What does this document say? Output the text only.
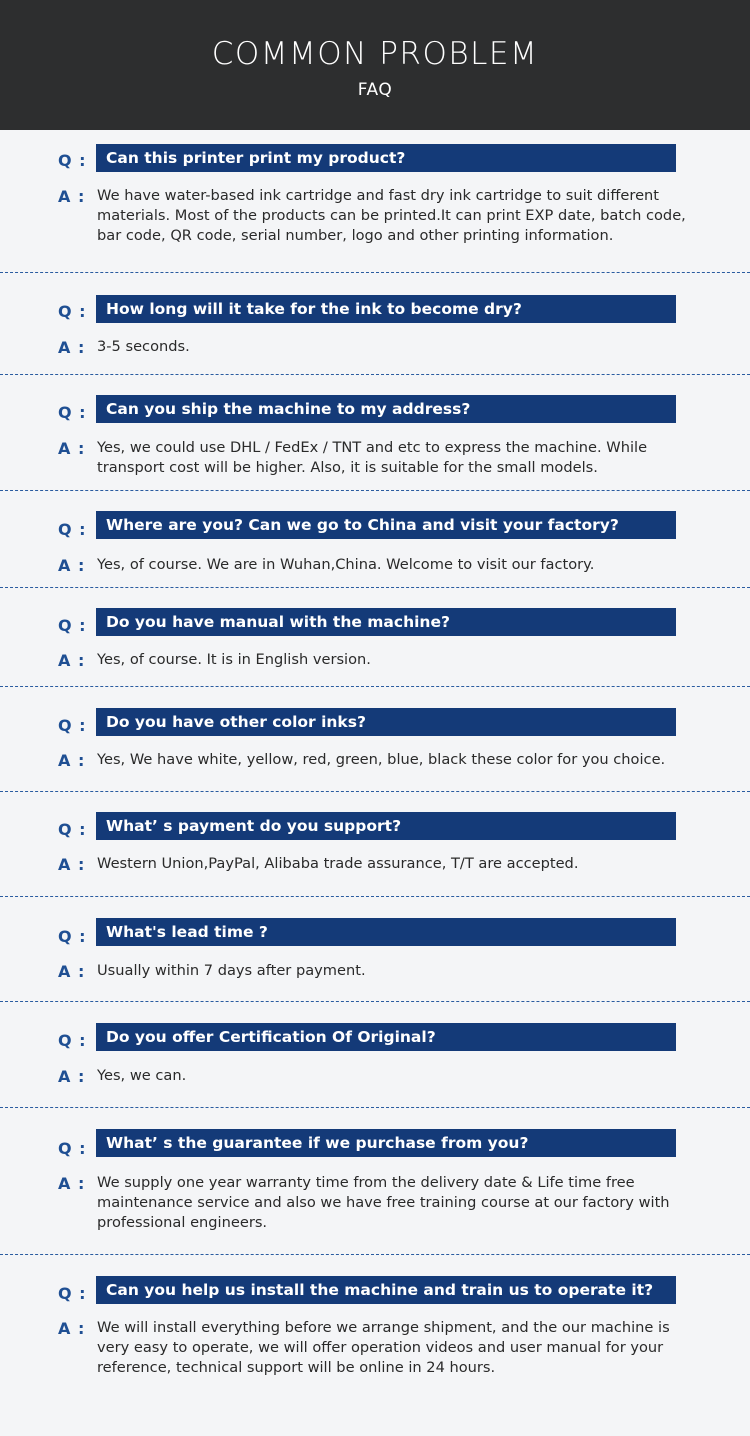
COMMON PROBLEM
FAQ
Q :	Can this printer print my product?
A : We have water-based ink cartridge and fast dry ink cartridge to suit different materials. Most of the products can be printed.It can print EXP date, batch code, bar code, QR code, serial number, logo and other printing information.
Q :	How long will it take for the ink to become dry?
A : 3-5 seconds.
Q :	Can you ship the machine to my address?
A : Yes, we could use DHL / FedEx / TNT and etc to express the machine. While transport cost will be higher. Also, it is suitable for the small models.
Q :	Where are you? Can we go to China and visit your factory?
A : Yes, of course. We are in Wuhan,China. Welcome to visit our factory.
Q :	Do you have manual with the machine?
A : Yes, of course. It is in English version.
Q :	Do you have other color inks?
A : Yes, We have white, yellow, red, green, blue, black these color for you choice.
Q :	What’ s payment do you support?
A : Western Union,PayPal, Alibaba trade assurance, T/T are accepted.
Q :	What's lead time ?
A : Usually within 7 days after payment.
Q :	Do you offer Certification Of Original?
A : Yes, we can.
Q :	What’ s the guarantee if we purchase from you?
A : We supply one year warranty time from the delivery date & Life time free maintenance service and also we have free training course at our factory with professional engineers.
Q :	Can you help us install the machine and train us to operate it?
A : We will install everything before we arrange shipment, and the our machine is very easy to operate, we will offer operation videos and user manual for your reference, technical support will be online in 24 hours.
